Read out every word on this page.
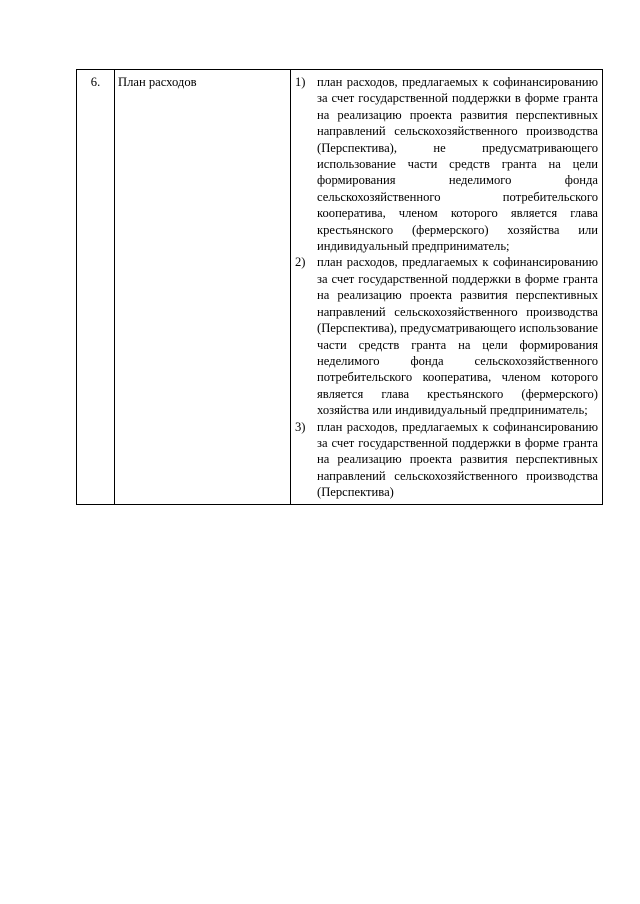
6.	План расходов	1) план расходов, предлагаемых к софинансированию за счет государственной поддержки в форме гранта на реализацию проекта развития перспективных направлений сельскохозяйственного производства (Перспектива), не предусматривающего использование части средств гранта на цели формирования неделимого фонда сельскохозяйственного потребительского кооператива, членом которого является глава крестьянского (фермерского) хозяйства или индивидуальный предприниматель;
2) план расходов, предлагаемых к софинансированию за счет государственной поддержки в форме гранта на реализацию проекта развития перспективных направлений сельскохозяйственного производства (Перспектива), предусматривающего использование части средств гранта на цели формирования неделимого фонда сельскохозяйственного потребительского кооператива, членом которого является глава крестьянского (фермерского) хозяйства или индивидуальный предприниматель;
3) план расходов, предлагаемых к софинансированию за счет государственной поддержки в форме гранта на реализацию проекта развития перспективных направлений сельскохозяйственного производства (Перспектива)
